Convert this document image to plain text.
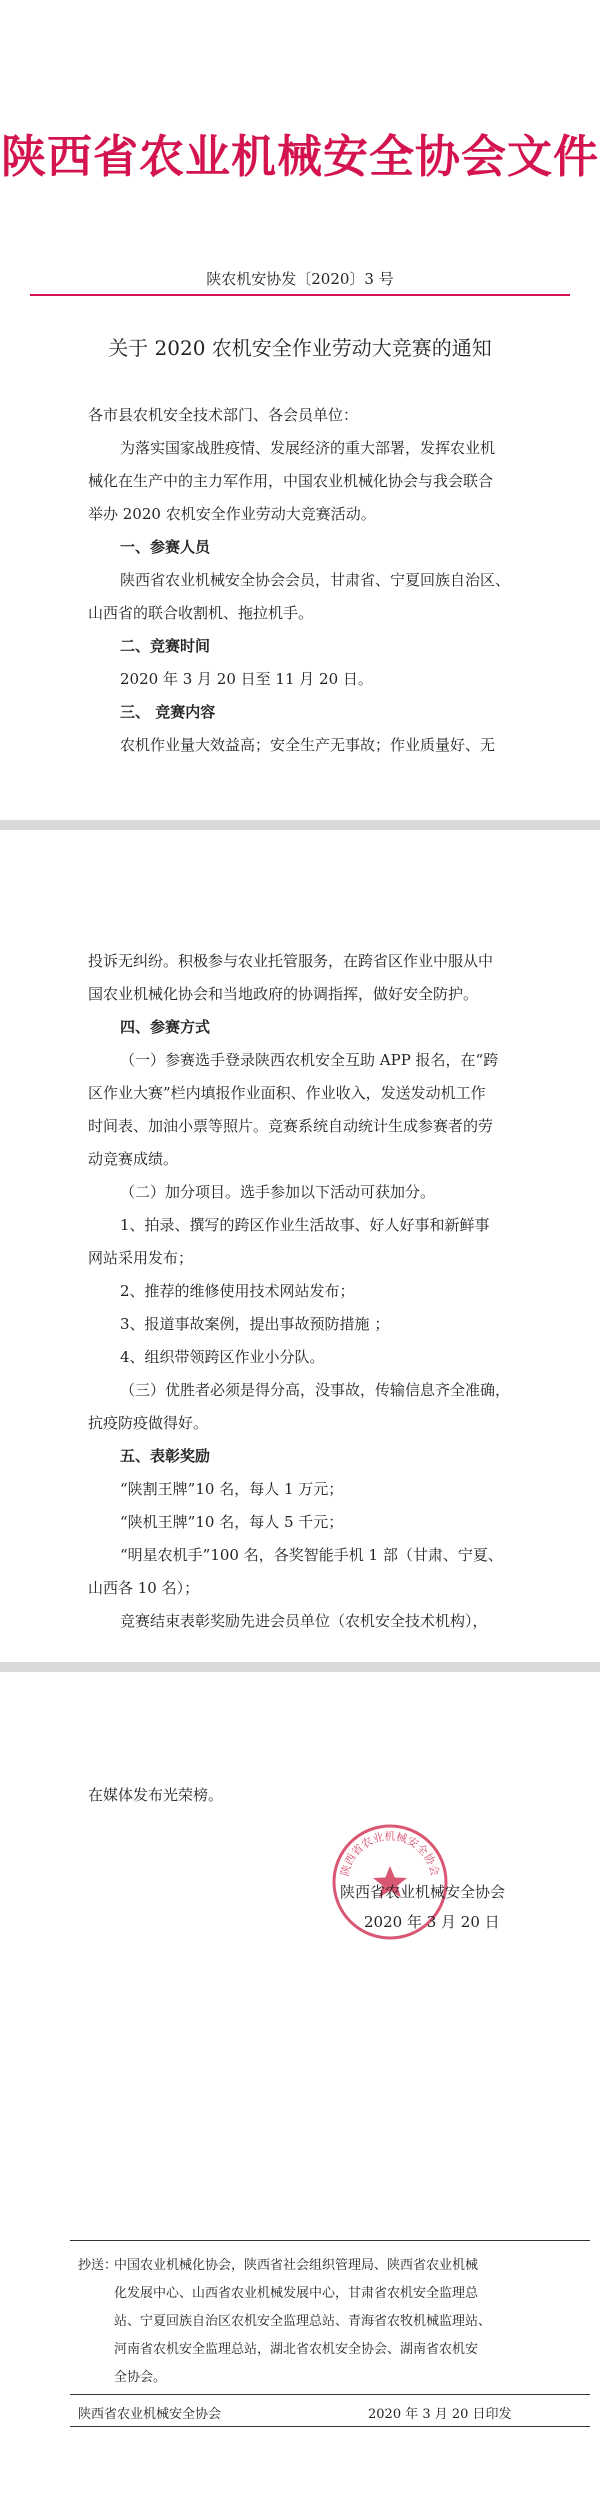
陕西省农业机械安全协会文件
陕农机安协发〔2020〕3 号
关于 2020 农机安全作业劳动大竞赛的通知
各市县农机安全技术部门、各会员单位：
为落实国家战胜疫情、发展经济的重大部署，发挥农业机
械化在生产中的主力军作用，中国农业机械化协会与我会联合
举办 2020 农机安全作业劳动大竞赛活动。
一、参赛人员
陕西省农业机械安全协会会员，甘肃省、宁夏回族自治区、
山西省的联合收割机、拖拉机手。
二、竞赛时间
2020 年 3 月 20 日至 11 月 20 日。
三、 竞赛内容
农机作业量大效益高；安全生产无事故；作业质量好、无
投诉无纠纷。积极参与农业托管服务，在跨省区作业中服从中
国农业机械化协会和当地政府的协调指挥，做好安全防护。
四、参赛方式
（一）参赛选手登录陕西农机安全互助 APP 报名，在“跨
区作业大赛”栏内填报作业面积、作业收入，发送发动机工作
时间表、加油小票等照片。竞赛系统自动统计生成参赛者的劳
动竞赛成绩。
（二）加分项目。选手参加以下活动可获加分。
1、拍录、撰写的跨区作业生活故事、好人好事和新鲜事
网站采用发布；
2、推荐的维修使用技术网站发布；
3、报道事故案例，提出事故预防措施 ；
4、组织带领跨区作业小分队。
（三）优胜者必须是得分高，没事故，传输信息齐全准确，
抗疫防疫做得好。
五、表彰奖励
“陕割王牌”10 名，每人 1 万元；
“陕机王牌”10 名，每人 5 千元；
“明星农机手”100 名，各奖智能手机 1 部（甘肃、宁夏、
山西各 10 名）；
竞赛结束表彰奖励先进会员单位（农机安全技术机构），
在媒体发布光荣榜。
陕西省农业机械安全协会
陕西省农业机械安全协会
2020 年 3 月 20 日
抄送：
中国农业机械化协会，陕西省社会组织管理局、陕西省农业机械
化发展中心、山西省农业机械发展中心，甘肃省农机安全监理总
站、宁夏回族自治区农机安全监理总站、青海省农牧机械监理站、
河南省农机安全监理总站，湖北省农机安全协会、湖南省农机安
全协会。
陕西省农业机械安全协会	2020 年 3 月 20 日印发
